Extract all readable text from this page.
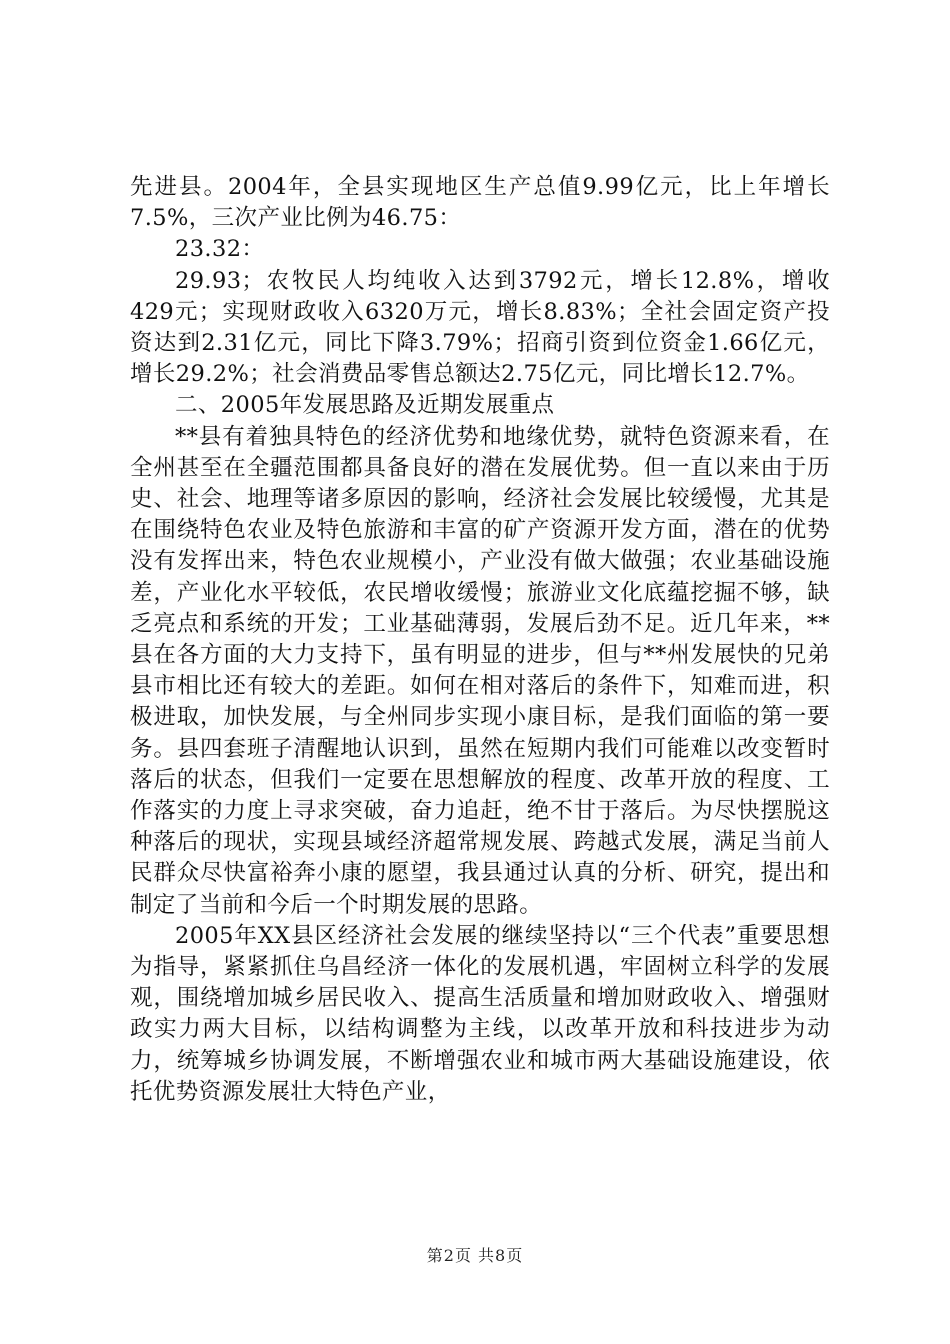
先进县。2004年，全县实现地区生产总值9.99亿元，比上年增长7.5%，三次产业比例为46.75：

23.32：

29.93；农牧民人均纯收入达到3792元，增长12.8%，增收429元；实现财政收入6320万元，增长8.83%；全社会固定资产投资达到2.31亿元，同比下降3.79%；招商引资到位资金1.66亿元，增长29.2%；社会消费品零售总额达2.75亿元，同比增长12.7%。

二、2005年发展思路及近期发展重点

**县有着独具特色的经济优势和地缘优势，就特色资源来看，在全州甚至在全疆范围都具备良好的潜在发展优势。但一直以来由于历史、社会、地理等诸多原因的影响，经济社会发展比较缓慢，尤其是在围绕特色农业及特色旅游和丰富的矿产资源开发方面，潜在的优势没有发挥出来，特色农业规模小，产业没有做大做强；农业基础设施差，产业化水平较低，农民增收缓慢；旅游业文化底蕴挖掘不够，缺乏亮点和系统的开发；工业基础薄弱，发展后劲不足。近几年来，**县在各方面的大力支持下，虽有明显的进步，但与**州发展快的兄弟县市相比还有较大的差距。如何在相对落后的条件下，知难而进，积极进取，加快发展，与全州同步实现小康目标，是我们面临的第一要务。县四套班子清醒地认识到，虽然在短期内我们可能难以改变暂时落后的状态，但我们一定要在思想解放的程度、改革开放的程度、工作落实的力度上寻求突破，奋力追赶，绝不甘于落后。为尽快摆脱这种落后的现状，实现县域经济超常规发展、跨越式发展，满足当前人民群众尽快富裕奔小康的愿望，我县通过认真的分析、研究，提出和制定了当前和今后一个时期发展的思路。

2005年XX县区经济社会发展的继续坚持以“三个代表”重要思想为指导，紧紧抓住乌昌经济一体化的发展机遇，牢固树立科学的发展观，围绕增加城乡居民收入、提高生活质量和增加财政收入、增强财政实力两大目标，以结构调整为主线，以改革开放和科技进步为动力，统筹城乡协调发展，不断增强农业和城市两大基础设施建设，依托优势资源发展壮大特色产业，

第2页 共8页
